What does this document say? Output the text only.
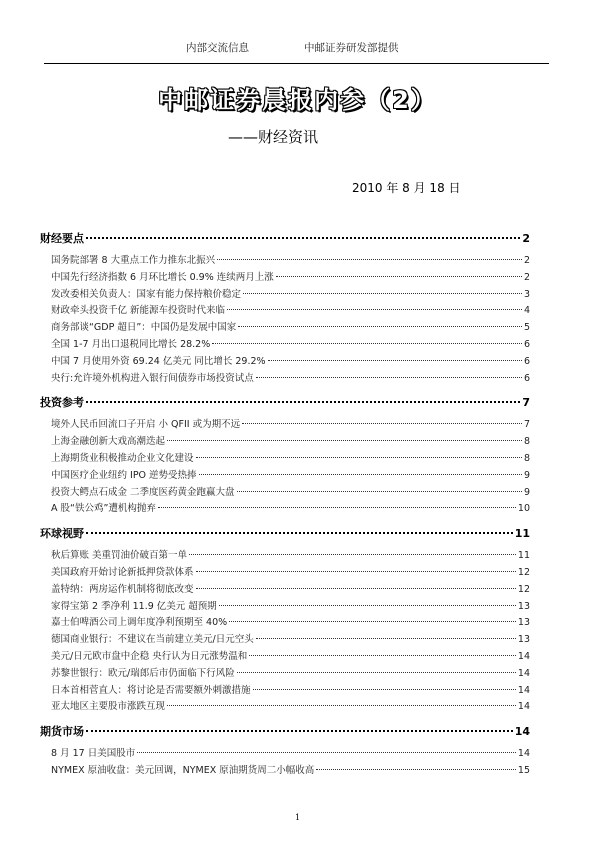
内部交流信息	中邮证券研发部提供
中邮证券晨报内参（2）
——财经资讯
2010 年 8 月 18 日
财经要点	2
国务院部署 8 大重点工作力推东北振兴	2
中国先行经济指数 6 月环比增长 0.9% 连续两月上涨	2
发改委相关负责人：国家有能力保持粮价稳定	3
财政牵头投资千亿 新能源车投资时代来临	4
商务部谈“GDP 超日”：中国仍是发展中国家	5
全国 1-7 月出口退税同比增长 28.2%	6
中国 7 月使用外资 69.24 亿美元 同比增长 29.2%	6
央行:允许境外机构进入银行间债券市场投资试点	6
投资参考	7
境外人民币回流口子开启 小 QFII 或为期不远	7
上海金融创新大戏高潮迭起	8
上海期货业积极推动企业文化建设	8
中国医疗企业纽约 IPO 逆势受热捧	9
投资大鳄点石成金 二季度医药黄金跑赢大盘	9
A 股“铁公鸡”遭机构抛弃	10
环球视野	11
秋后算账 美重罚油价破百第一单	11
美国政府开始讨论新抵押贷款体系	12
盖特纳：两房运作机制将彻底改变	12
家得宝第 2 季净利 11.9 亿美元 超预期	13
嘉士伯啤酒公司上调年度净利预期至 40%	13
德国商业银行：不建议在当前建立美元/日元空头	13
美元/日元欧市盘中企稳 央行认为日元涨势温和	14
苏黎世银行：欧元/瑞郎后市仍面临下行风险	14
日本首相菅直人：将讨论是否需要额外刺激措施	14
亚太地区主要股市涨跌互现	14
期货市场	14
8 月 17 日美国股市	14
NYMEX 原油收盘：美元回调，NYMEX 原油期货周二小幅收高	15
1
